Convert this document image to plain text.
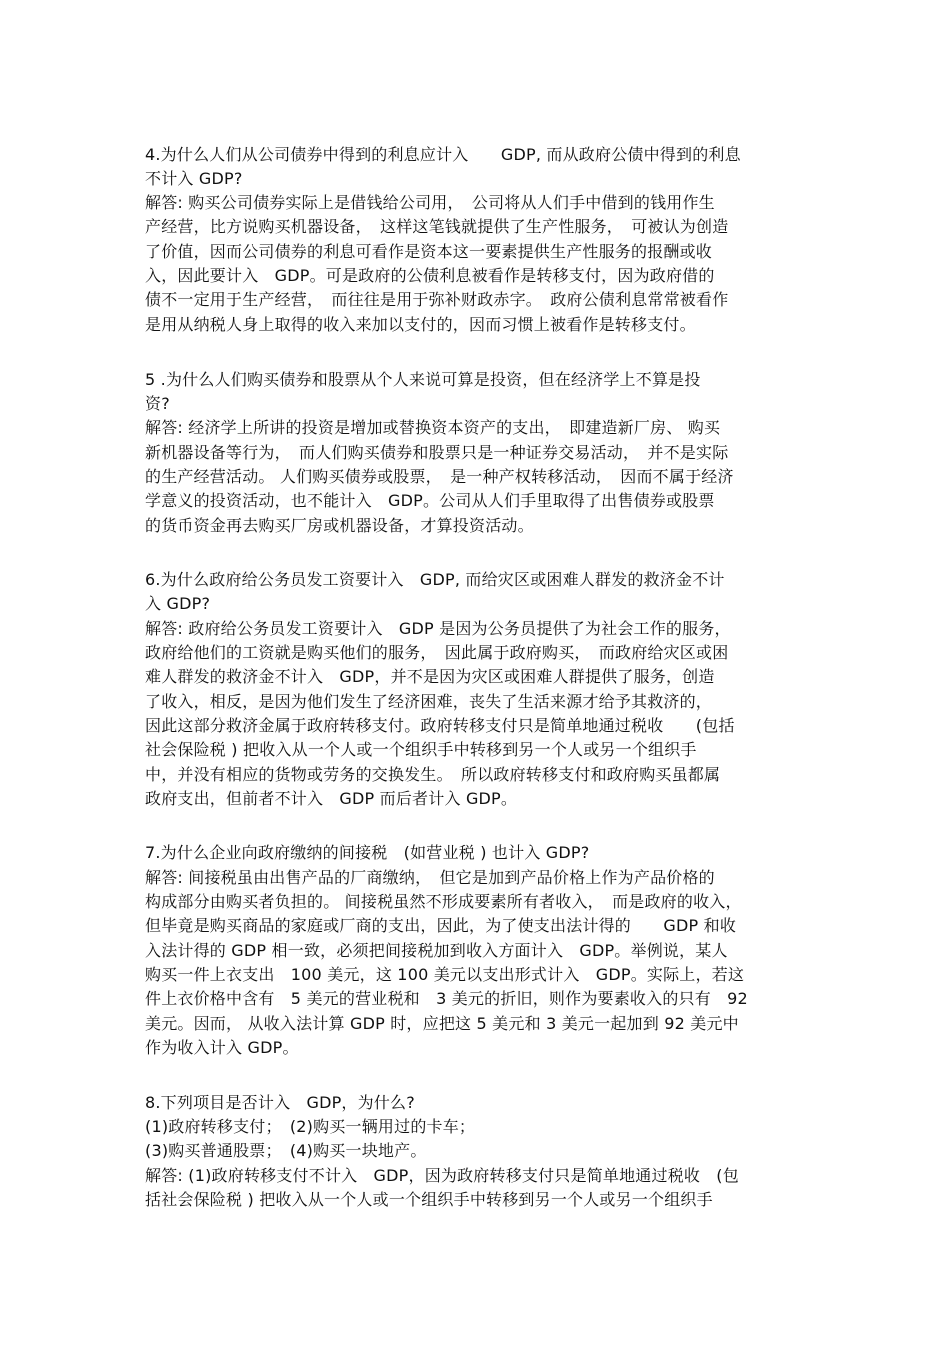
4.为什么人们从公司债券中得到的利息应计入　　GDP, 而从政府公债中得到的利息
不计入 GDP?
解答: 购买公司债券实际上是借钱给公司用，　公司将从人们手中借到的钱用作生
产经营，比方说购买机器设备，　这样这笔钱就提供了生产性服务，　可被认为创造
了价值，因而公司债券的利息可看作是资本这一要素提供生产性服务的报酬或收
入，因此要计入　GDP。可是政府的公债利息被看作是转移支付，因为政府借的
债不一定用于生产经营，　而往往是用于弥补财政赤字。　政府公债利息常常被看作
是用从纳税人身上取得的收入来加以支付的，因而习惯上被看作是转移支付。
5 .为什么人们购买债券和股票从个人来说可算是投资，但在经济学上不算是投
资?
解答: 经济学上所讲的投资是增加或替换资本资产的支出，　即建造新厂房、 购买
新机器设备等行为，　而人们购买债券和股票只是一种证券交易活动，　并不是实际
的生产经营活动。 人们购买债券或股票，　是一种产权转移活动，　因而不属于经济
学意义的投资活动，也不能计入　GDP。公司从人们手里取得了出售债券或股票
的货币资金再去购买厂房或机器设备，才算投资活动。
6.为什么政府给公务员发工资要计入　GDP, 而给灾区或困难人群发的救济金不计
入 GDP?
解答: 政府给公务员发工资要计入　GDP 是因为公务员提供了为社会工作的服务，
政府给他们的工资就是购买他们的服务，　因此属于政府购买，　而政府给灾区或困
难人群发的救济金不计入　GDP，并不是因为灾区或困难人群提供了服务，创造
了收入，相反，是因为他们发生了经济困难，丧失了生活来源才给予其救济的，
因此这部分救济金属于政府转移支付。政府转移支付只是简单地通过税收　　(包括
社会保险税 ) 把收入从一个人或一个组织手中转移到另一个人或另一个组织手
中，并没有相应的货物或劳务的交换发生。　所以政府转移支付和政府购买虽都属
政府支出，但前者不计入　GDP 而后者计入 GDP。
7.为什么企业向政府缴纳的间接税　(如营业税 ) 也计入 GDP?
解答: 间接税虽由出售产品的厂商缴纳，　但它是加到产品价格上作为产品价格的
构成部分由购买者负担的。 间接税虽然不形成要素所有者收入，　而是政府的收入，
但毕竟是购买商品的家庭或厂商的支出，因此，为了使支出法计得的　　GDP 和收
入法计得的 GDP 相一致，必须把间接税加到收入方面计入　GDP。举例说，某人
购买一件上衣支出　100 美元，这 100 美元以支出形式计入　GDP。实际上，若这
件上衣价格中含有　5 美元的营业税和　3 美元的折旧，则作为要素收入的只有　92
美元。因而， 从收入法计算 GDP 时，应把这 5 美元和 3 美元一起加到 92 美元中
作为收入计入 GDP。
8.下列项目是否计入　GDP，为什么?
(1)政府转移支付；　(2)购买一辆用过的卡车；
(3)购买普通股票；　(4)购买一块地产。
解答: (1)政府转移支付不计入　GDP，因为政府转移支付只是简单地通过税收　(包
括社会保险税 ) 把收入从一个人或一个组织手中转移到另一个人或另一个组织手
